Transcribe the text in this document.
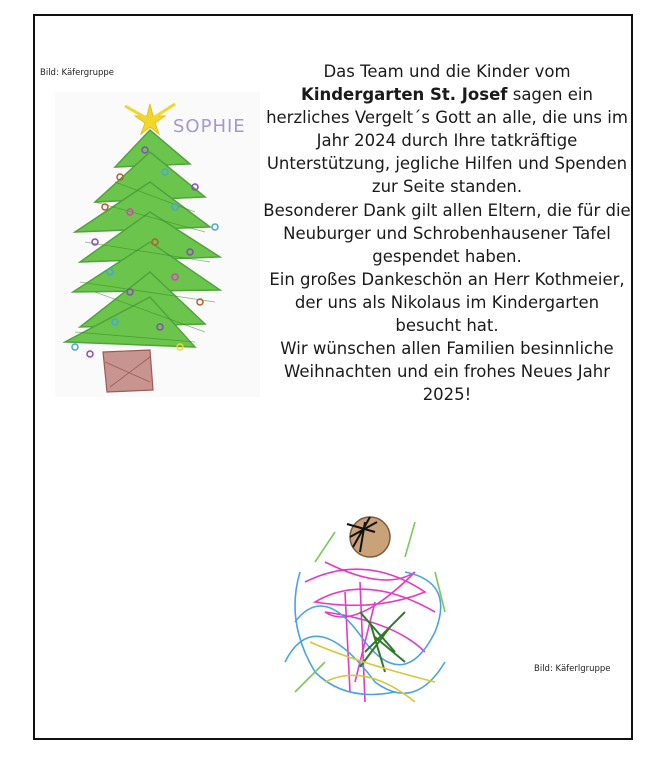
Bild: Käfergruppe
SOPHIE

Das Team und die Kinder vom

Kindergarten St. Josef sagen ein herzliches Vergelt´s Gott an alle, die uns im Jahr 2024 durch Ihre tatkräftige Unterstützung, jegliche Hilfen und Spenden zur Seite standen.

Besonderer Dank gilt allen Eltern, die für die Neuburger und Schrobenhausener Tafel gespendet haben.

Ein großes Dankeschön an Herr Kothmeier, der uns als Nikolaus im Kindergarten besucht hat.

Wir wünschen allen Familien besinnliche Weihnachten und ein frohes Neues Jahr 2025!

Bild: Käferlgruppe
